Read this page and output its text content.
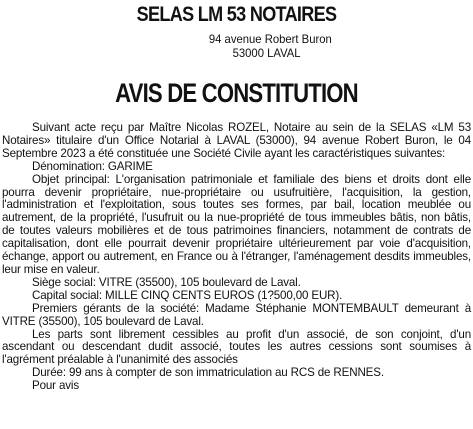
SELAS LM 53 NOTAIRES
94 avenue Robert Buron
53000 LAVAL
AVIS DE CONSTITUTION

Suivant acte reçu par Maître Nicolas ROZEL, Notaire au sein de la SELAS «LM 53 Notaires» titulaire d'un Office Notarial à LAVAL (53000), 94 avenue Robert Buron, le 04 Septembre 2023 a été constituée une Société Civile ayant les caractéristiques suivantes:

Dénomination: GARIME

Objet principal: L'organisation patrimoniale et familiale des biens et droits dont elle pourra devenir propriétaire, nue-propriétaire ou usufruitière, l'acquisition, la gestion, l'administration et l'exploitation, sous toutes ses formes, par bail, location meublée ou autrement, de la propriété, l'usufruit ou la nue-propriété de tous immeubles bâtis, non bâtis, de toutes valeurs mobilières et de tous patrimoines financiers, notamment de contrats de capitalisation, dont elle pourrait devenir propriétaire ultérieurement par voie d'acquisition, échange, apport ou autrement, en France ou à l'étranger, l'aménagement desdits immeubles, leur mise en valeur.

Siège social: VITRE (35500), 105 boulevard de Laval.

Capital social: MILLE CINQ CENTS EUROS (1?500,00 EUR).

Premiers gérants de la société: Madame Stéphanie MONTEMBAULT demeurant à VITRE (35500), 105 boulevard de Laval.

Les parts sont librement cessibles au profit d'un associé, de son conjoint, d'un ascendant ou descendant dudit associé, toutes les autres cessions sont soumises à l'agrément préalable à l'unanimité des associés

Durée: 99 ans à compter de son immatriculation au RCS de RENNES.

Pour avis
